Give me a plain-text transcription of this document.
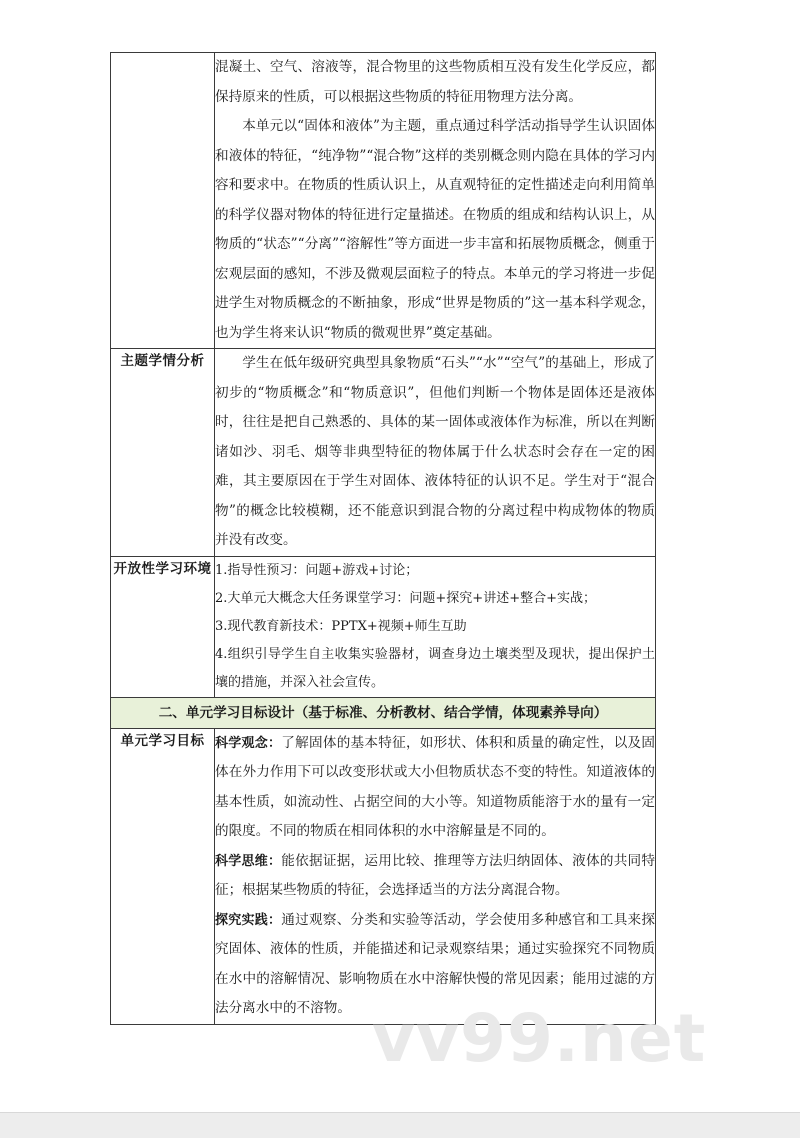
	混凝土、空气、溶液等，混合物里的这些物质相互没有发生化学反应，都保持原来的性质，可以根据这些物质的特征用物理方法分离。

本单元以“固体和液体”为主题，重点通过科学活动指导学生认识固体和液体的特征，“纯净物”“混合物”这样的类别概念则内隐在具体的学习内容和要求中。在物质的性质认识上，从直观特征的定性描述走向利用简单的科学仪器对物体的特征进行定量描述。在物质的组成和结构认识上，从物质的“状态”“分离”“溶解性”等方面进一步丰富和拓展物质概念，侧重于宏观层面的感知，不涉及微观层面粒子的特点。本单元的学习将进一步促进学生对物质概念的不断抽象，形成“世界是物质的”这一基本科学观念，也为学生将来认识“物质的微观世界”奠定基础。

主题学情分析	学生在低年级研究典型具象物质“石头”“水”“空气”的基础上，形成了初步的“物质概念”和“物质意识”，但他们判断一个物体是固体还是液体时，往往是把自己熟悉的、具体的某一固体或液体作为标准，所以在判断诸如沙、羽毛、烟等非典型特征的物体属于什么状态时会存在一定的困难，其主要原因在于学生对固体、液体特征的认识不足。学生对于“混合物”的概念比较模糊，还不能意识到混合物的分离过程中构成物体的物质并没有改变。

开放性学习环境	1.指导性预习：问题+游戏+讨论；

2.大单元大概念大任务课堂学习：问题+探究+讲述+整合+实战；

3.现代教育新技术：PPTX+视频+师生互助

4.组织引导学生自主收集实验器材，调查身边土壤类型及现状，提出保护土壤的措施，并深入社会宣传。

二、单元学习目标设计（基于标准、分析教材、结合学情，体现素养导向）	
单元学习目标	科学观念：了解固体的基本特征，如形状、体积和质量的确定性，以及固体在外力作用下可以改变形状或大小但物质状态不变的特性。知道液体的基本性质，如流动性、占据空间的大小等。知道物质能溶于水的量有一定的限度。不同的物质在相同体积的水中溶解量是不同的。

科学思维：能依据证据，运用比较、推理等方法归纳固体、液体的共同特征；根据某些物质的特征，会选择适当的方法分离混合物。

探究实践：通过观察、分类和实验等活动，学会使用多种感官和工具来探究固体、液体的性质，并能描述和记录观察结果；通过实验探究不同物质在水中的溶解情况、影响物质在水中溶解快慢的常见因素；能用过滤的方法分离水中的不溶物。 vv99.net
